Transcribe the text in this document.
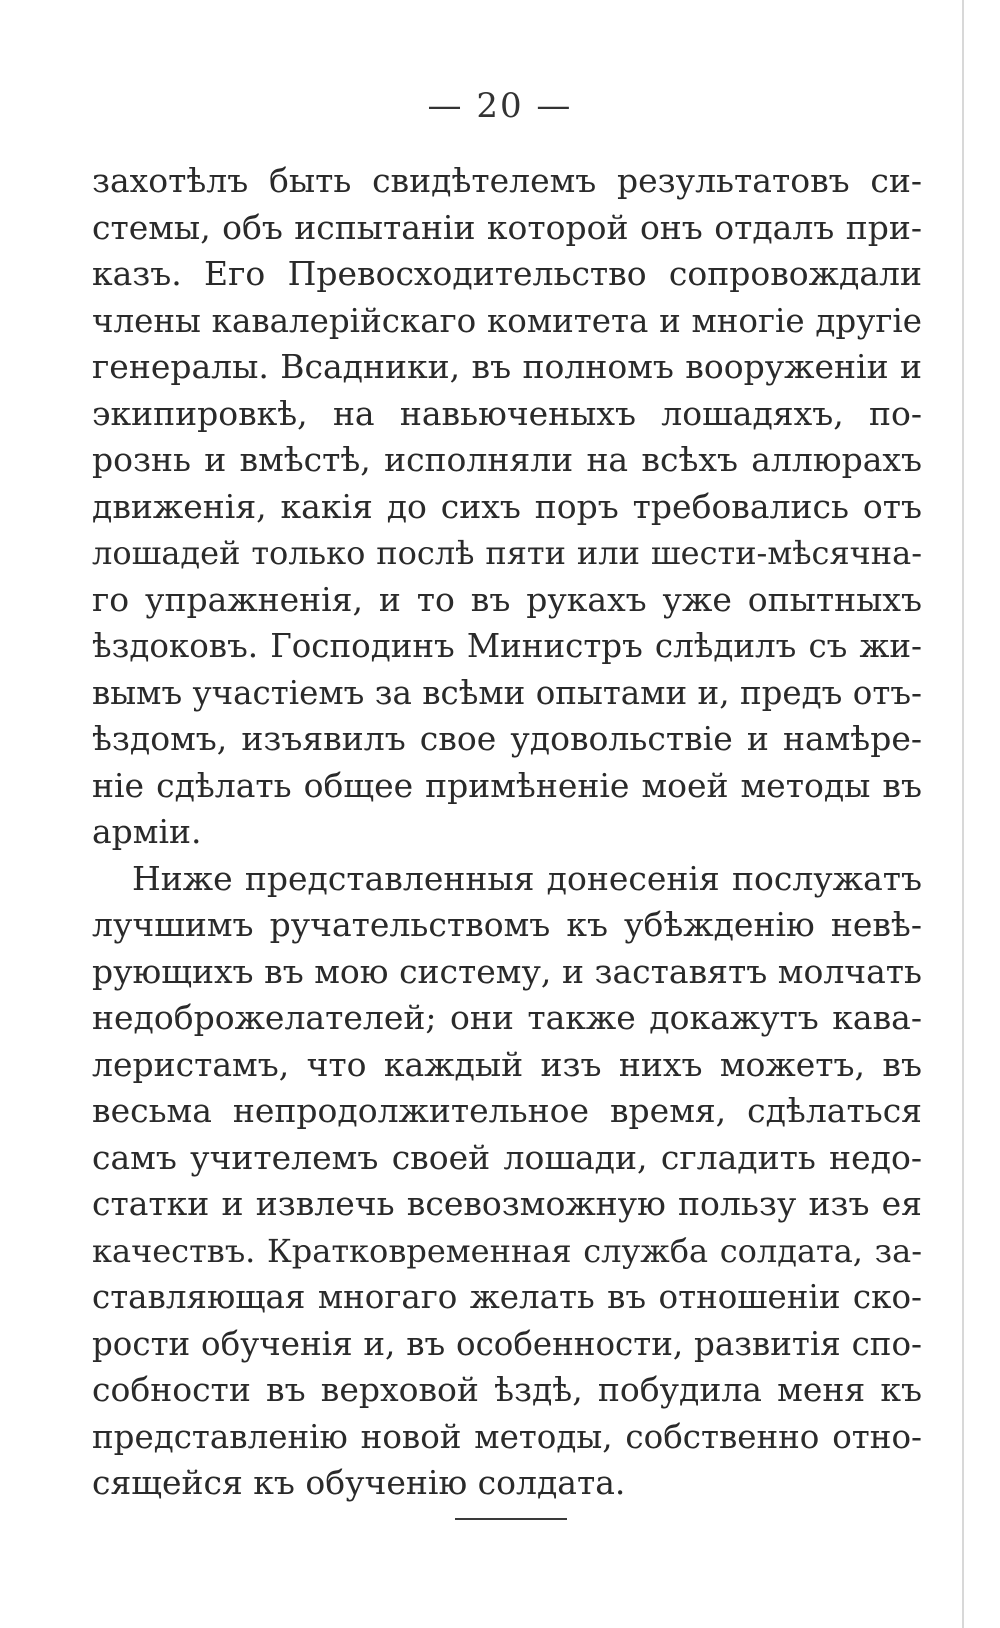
— 20 —
захотѣлъ быть свидѣтелемъ результатовъ си-
стемы, объ испытаніи которой онъ отдалъ при-
казъ. Его Превосходительство сопровождали
члены кавалерійскаго комитета и многіе другіе
генералы. Всадники, въ полномъ вооруженіи и
экипировкѣ, на навьюченыхъ лошадяхъ, по-
рознь и вмѣстѣ, исполняли на всѣхъ аллюрахъ
движенія, какія до сихъ поръ требовались отъ
лошадей только послѣ пяти или шести-мѣсячна-
го упражненія, и то въ рукахъ уже опытныхъ
ѣздоковъ. Господинъ Министръ слѣдилъ съ жи-
вымъ участіемъ за всѣми опытами и, предъ отъ-
ѣздомъ, изъявилъ свое удовольствіе и намѣре-
ніе сдѣлать общее примѣненіе моей методы въ
арміи.
Ниже представленныя донесенія послужатъ
лучшимъ ручательствомъ къ убѣжденію невѣ-
рующихъ въ мою систему, и заставятъ молчать
недоброжелателей; они также докажутъ кава-
леристамъ, что каждый изъ нихъ можетъ, въ
весьма непродолжительное время, сдѣлаться
самъ учителемъ своей лошади, сгладить недо-
статки и извлечь всевозможную пользу изъ ея
качествъ. Кратковременная служба солдата, за-
ставляющая многаго желать въ отношеніи ско-
рости обученія и, въ особенности, развитія спо-
собности въ верховой ѣздѣ, побудила меня къ
представленію новой методы, собственно отно-
сящейся къ обученію солдата.
